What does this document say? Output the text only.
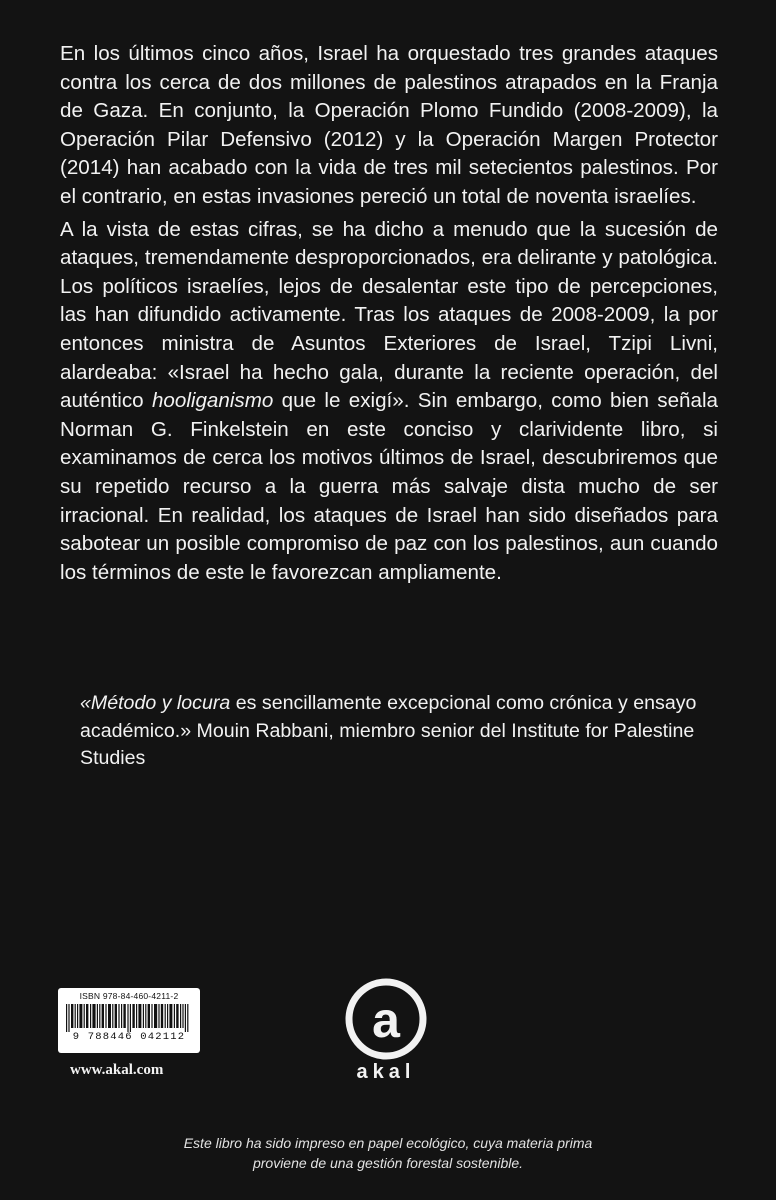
En los últimos cinco años, Israel ha orquestado tres grandes ataques contra los cerca de dos millones de palestinos atrapados en la Franja de Gaza. En conjunto, la Operación Plomo Fundido (2008-2009), la Operación Pilar Defensivo (2012) y la Operación Margen Protector (2014) han acabado con la vida de tres mil setecientos palestinos. Por el contrario, en estas invasiones pereció un total de noventa israelíes.

A la vista de estas cifras, se ha dicho a menudo que la sucesión de ataques, tremendamente desproporcionados, era delirante y patológica. Los políticos israelíes, lejos de desalentar este tipo de percepciones, las han difundido activamente. Tras los ataques de 2008-2009, la por entonces ministra de Asuntos Exteriores de Israel, Tzipi Livni, alardeaba: «Israel ha hecho gala, durante la reciente operación, del auténtico hooliganismo que le exigí». Sin embargo, como bien señala Norman G. Finkelstein en este conciso y clarividente libro, si examinamos de cerca los motivos últimos de Israel, descubriremos que su repetido recurso a la guerra más salvaje dista mucho de ser irracional. En realidad, los ataques de Israel han sido diseñados para sabotear un posible compromiso de paz con los palestinos, aun cuando los términos de este le favorezcan ampliamente.

«Método y locura es sencillamente excepcional como crónica y ensayo académico.» Mouin Rabbani, miembro senior del Institute for Palestine Studies
ISBN 978-84-460-4211-2
9 788446 042112
www.akal.com
a
akal
Este libro ha sido impreso en papel ecológico, cuya materia prima
proviene de una gestión forestal sostenible.
